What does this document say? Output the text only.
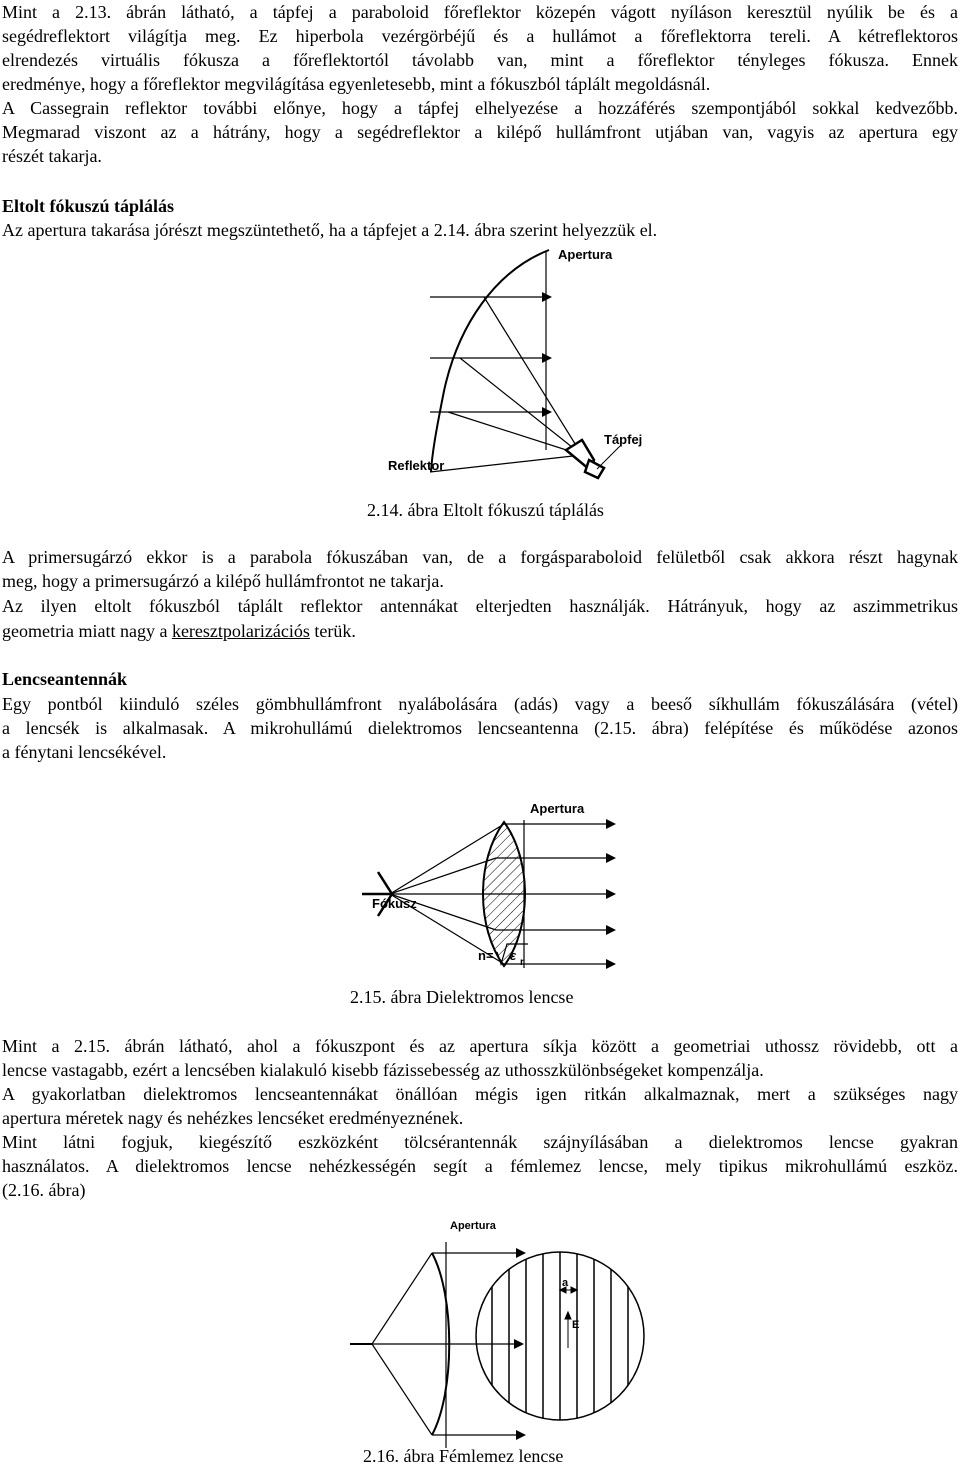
Mint a 2.13. ábrán látható, a tápfej a paraboloid főreflektor közepén vágott nyíláson keresztül nyúlik be és a

segédreflektort világítja meg. Ez hiperbola vezérgörbéjű és a hullámot a főreflektorra tereli. A kétreflektoros

elrendezés virtuális fókusza a főreflektortól távolabb van, mint a főreflektor tényleges fókusza. Ennek

eredménye, hogy a főreflektor megvilágítása egyenletesebb, mint a fókuszból táplált megoldásnál.

A Cassegrain reflektor további előnye, hogy a tápfej elhelyezése a hozzáférés szempontjából sokkal kedvezőbb.

Megmarad viszont az a hátrány, hogy a segédreflektor a kilépő hullámfront utjában van, vagyis az apertura egy

részét takarja.

Eltolt fókuszú táplálás

Az apertura takarása jórészt megszüntethető, ha a tápfejet a 2.14. ábra szerint helyezzük el.

Apertura
Tápfej
Reflektor

2.14. ábra Eltolt fókuszú táplálás

A primersugárzó ekkor is a parabola fókuszában van, de a forgásparaboloid felületből csak akkora részt hagynak

meg, hogy a primersugárzó a kilépő hullámfrontot ne takarja.

Az ilyen eltolt fókuszból táplált reflektor antennákat elterjedten használják. Hátrányuk, hogy az aszimmetrikus

geometria miatt nagy a keresztpolarizációs terük.

Lencseantennák

Egy pontból kiinduló széles gömbhullámfront nyalábolására (adás) vagy a beeső síkhullám fókuszálására (vétel)

a lencsék is alkalmasak. A mikrohullámú dielektromos lencseantenna (2.15. ábra) felépítése és működése azonos

a fénytani lencsékével.

Apertura
Fókusz
n= ε r

2.15. ábra Dielektromos lencse

Mint a 2.15. ábrán látható, ahol a fókuszpont és az apertura síkja között a geometriai uthossz rövidebb, ott a

lencse vastagabb, ezért a lencsében kialakuló kisebb fázissebesség az uthosszkülönbségeket kompenzálja.

A gyakorlatban dielektromos lencseantennákat önállóan mégis igen ritkán alkalmaznak, mert a szükséges nagy

apertura méretek nagy és nehézkes lencséket eredményeznének.

Mint látni fogjuk, kiegészítő eszközként tölcsérantennák szájnyílásában a dielektromos lencse gyakran

használatos. A dielektromos lencse nehézkességén segít a fémlemez lencse, mely tipikus mikrohullámú eszköz.

(2.16. ábra)

Apertura
a
E

2.16. ábra Fémlemez lencse
